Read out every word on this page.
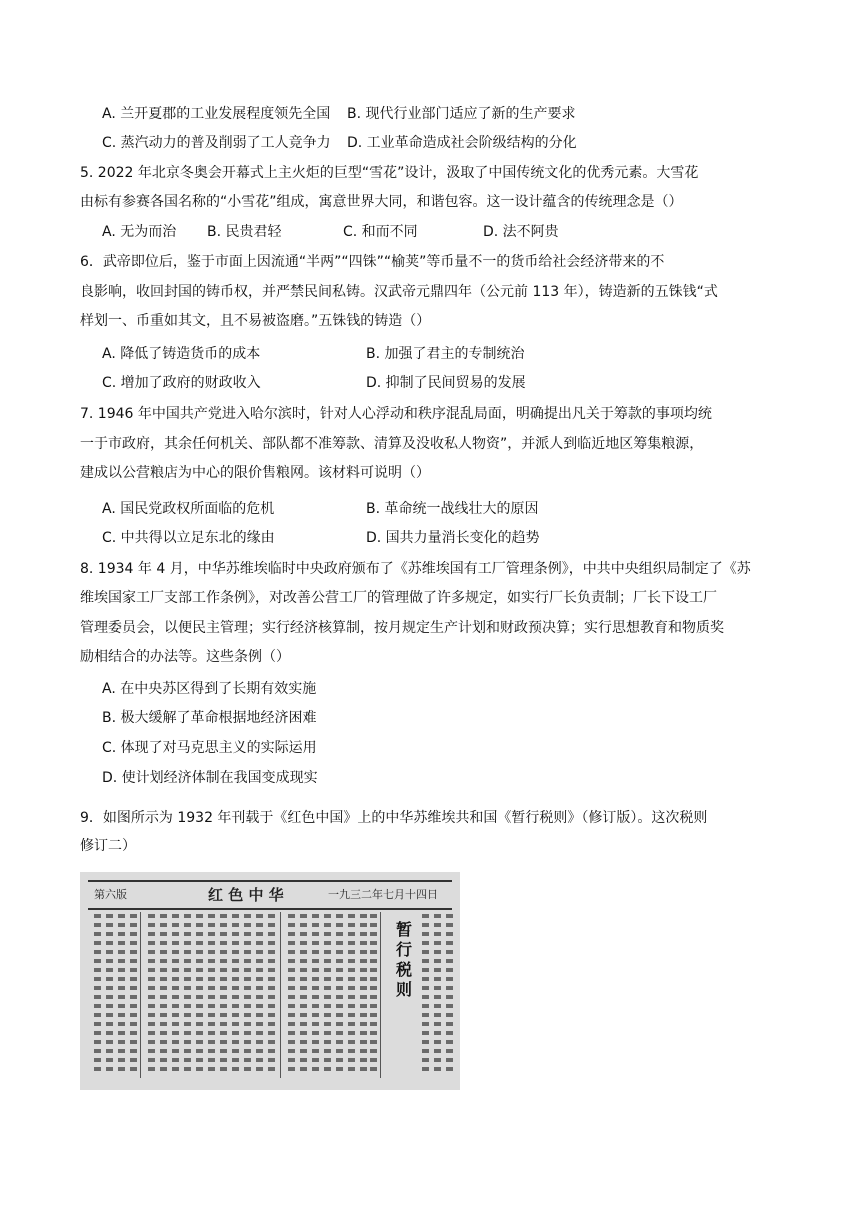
A. 兰开夏郡的工业发展程度领先全国 B. 现代行业部门适应了新的生产要求
C. 蒸汽动力的普及削弱了工人竞争力 D. 工业革命造成社会阶级结构的分化
5. 2022 年北京冬奥会开幕式上主火炬的巨型“雪花”设计，汲取了中国传统文化的优秀元素。大雪花
由标有参赛各国名称的“小雪花”组成，寓意世界大同，和谐包容。这一设计蕴含的传统理念是（）
A. 无为而治 B. 民贵君轻	C. 和而不同	D. 法不阿贵
6．武帝即位后，鉴于市面上因流通“半两”“四铢”“榆荚”等币量不一的货币给社会经济带来的不
良影响，收回封国的铸币权，并严禁民间私铸。汉武帝元鼎四年（公元前 113 年），铸造新的五铢钱“式
样划一、币重如其文，且不易被盗磨。”五铢钱的铸造（）
A. 降低了铸造货币的成本	B. 加强了君主的专制统治
C. 增加了政府的财政收入	D. 抑制了民间贸易的发展
7. 1946 年中国共产党进入哈尔滨时，针对人心浮动和秩序混乱局面，明确提出凡关于筹款的事项均统
一于市政府，其余任何机关、部队都不准筹款、清算及没收私人物资”，并派人到临近地区筹集粮源，
建成以公营粮店为中心的限价售粮网。该材料可说明（）
A. 国民党政权所面临的危机	B. 革命统一战线壮大的原因
C. 中共得以立足东北的缘由	D. 国共力量消长变化的趋势
8. 1934 年 4 月，中华苏维埃临时中央政府颁布了《苏维埃国有工厂管理条例》，中共中央组织局制定了《苏
维埃国家工厂支部工作条例》，对改善公营工厂的管理做了许多规定，如实行厂长负责制；厂长下设工厂
管理委员会，以便民主管理；实行经济核算制，按月规定生产计划和财政预决算；实行思想教育和物质奖
励相结合的办法等。这些条例（）
A. 在中央苏区得到了长期有效实施
B. 极大缓解了革命根据地经济困难
C. 体现了对马克思主义的实际运用
D. 使计划经济体制在我国变成现实
9．如图所示为 1932 年刊载于《红色中国》上的中华苏维埃共和国《暂行税则》（修订版）。这次税则
修订二）
第六版	红 色 中 华	一九三二年七月十四日
暂行税则
